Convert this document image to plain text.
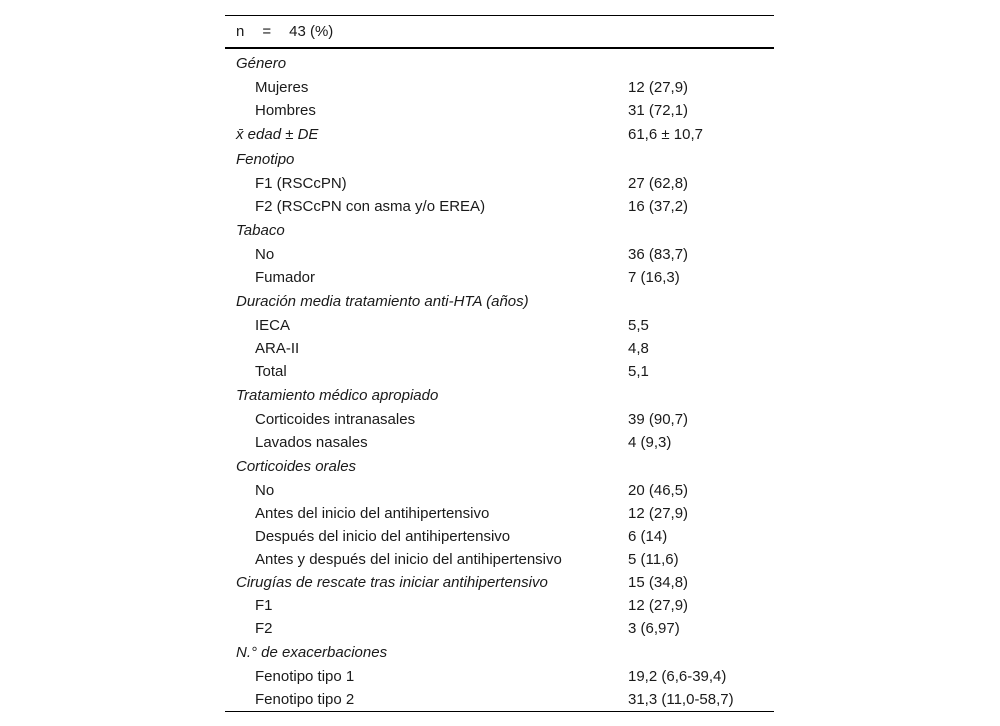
n = 43 (%)
Género
Mujeres	12 (27,9)
Hombres	31 (72,1)
x̄ edad ± DE	61,6 ± 10,7
Fenotipo
F1 (RSCcPN)	27 (62,8)
F2 (RSCcPN con asma y/o EREA)	16 (37,2)
Tabaco
No	36 (83,7)
Fumador	7 (16,3)
Duración media tratamiento anti-HTA (años)
IECA	5,5
ARA-II	4,8
Total	5,1
Tratamiento médico apropiado
Corticoides intranasales	39 (90,7)
Lavados nasales	4 (9,3)
Corticoides orales
No	20 (46,5)
Antes del inicio del antihipertensivo	12 (27,9)
Después del inicio del antihipertensivo	6 (14)
Antes y después del inicio del antihipertensivo	5 (11,6)
Cirugías de rescate tras iniciar antihipertensivo	15 (34,8)
F1	12 (27,9)
F2	3 (6,97)
N.° de exacerbaciones
Fenotipo tipo 1	19,2 (6,6-39,4)
Fenotipo tipo 2	31,3 (11,0-58,7)
